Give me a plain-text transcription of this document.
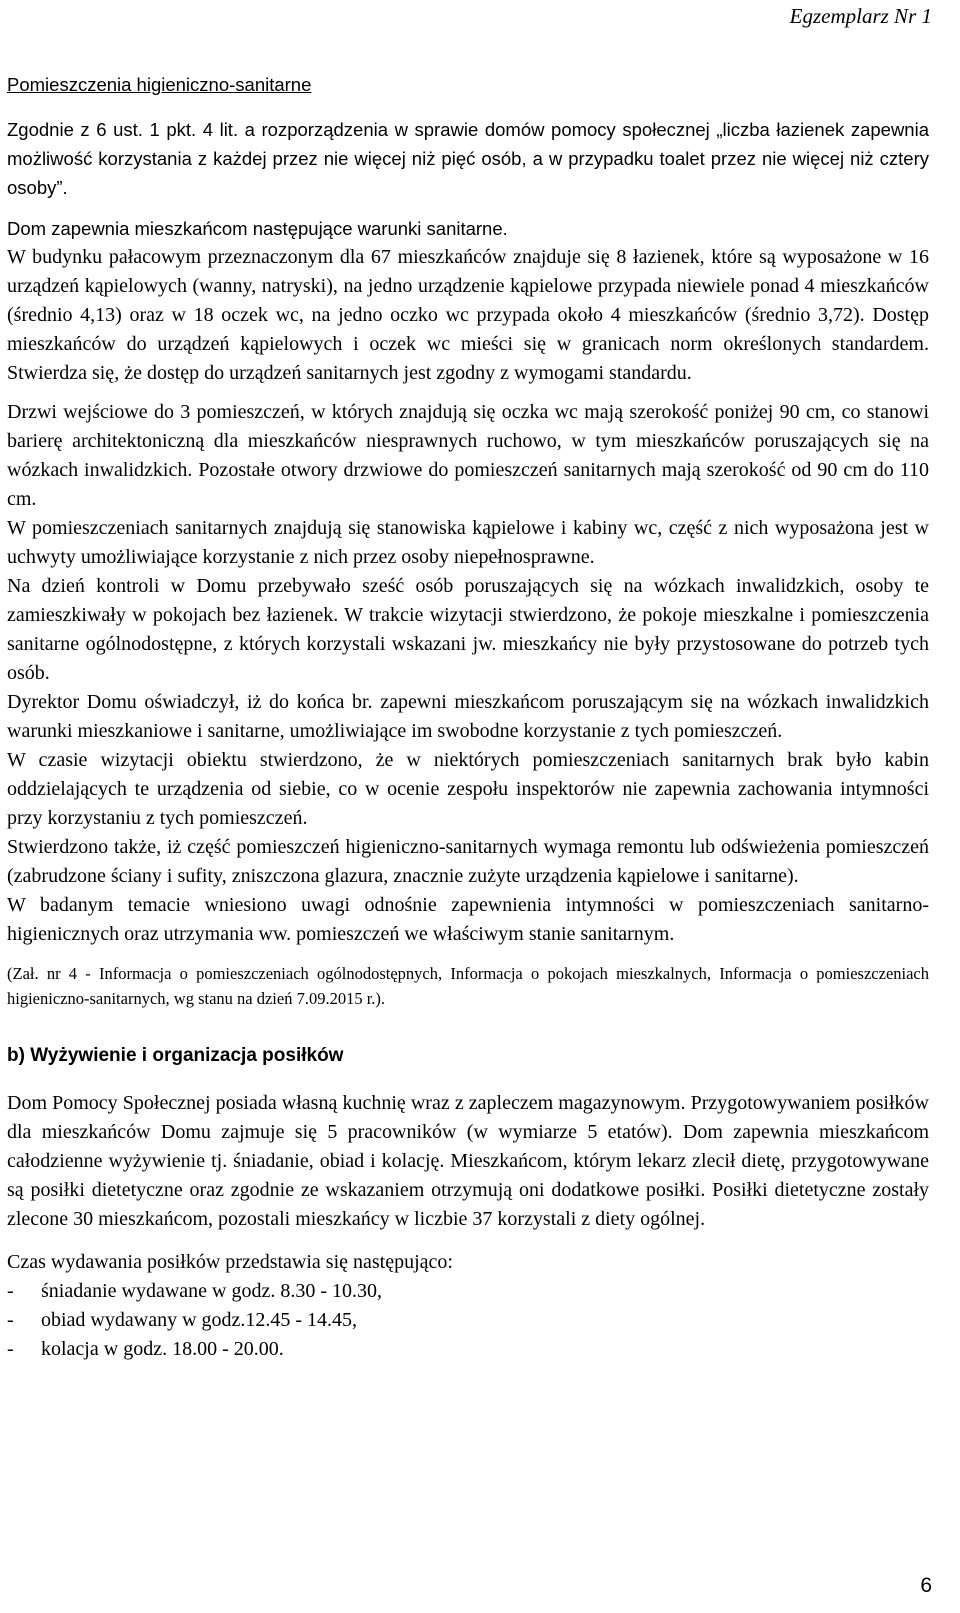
Egzemplarz Nr 1
Pomieszczenia higieniczno-sanitarne

Zgodnie z 6 ust. 1 pkt. 4 lit. a rozporządzenia w sprawie domów pomocy społecznej „liczba łazienek zapewnia możliwość korzystania z każdej przez nie więcej niż pięć osób, a w przypadku toalet przez nie więcej niż cztery osoby”.

Dom zapewnia mieszkańcom następujące warunki sanitarne.

W budynku pałacowym przeznaczonym dla 67 mieszkańców znajduje się 8 łazienek, które są wyposażone w 16 urządzeń kąpielowych (wanny, natryski), na jedno urządzenie kąpielowe przypada niewiele ponad 4 mieszkańców (średnio 4,13) oraz w 18 oczek wc, na jedno oczko wc przypada około 4 mieszkańców (średnio 3,72). Dostęp mieszkańców do urządzeń kąpielowych i oczek wc mieści się w granicach norm określonych standardem. Stwierdza się, że dostęp do urządzeń sanitarnych jest zgodny z wymogami standardu.

Drzwi wejściowe do 3 pomieszczeń, w których znajdują się oczka wc mają szerokość poniżej 90 cm, co stanowi barierę architektoniczną dla mieszkańców niesprawnych ruchowo, w tym mieszkańców poruszających się na wózkach inwalidzkich. Pozostałe otwory drzwiowe do pomieszczeń sanitarnych mają szerokość od 90 cm do 110 cm.

W pomieszczeniach sanitarnych znajdują się stanowiska kąpielowe i kabiny wc, część z nich wyposażona jest w uchwyty umożliwiające korzystanie z nich przez osoby niepełnosprawne.

Na dzień kontroli w Domu przebywało sześć osób poruszających się na wózkach inwalidzkich, osoby te zamieszkiwały w pokojach bez łazienek. W trakcie wizytacji stwierdzono, że pokoje mieszkalne i pomieszczenia sanitarne ogólnodostępne, z których korzystali wskazani jw. mieszkańcy nie były przystosowane do potrzeb tych osób.

Dyrektor Domu oświadczył, iż do końca br. zapewni mieszkańcom poruszającym się na wózkach inwalidzkich warunki mieszkaniowe i sanitarne, umożliwiające im swobodne korzystanie z tych pomieszczeń.

W czasie wizytacji obiektu stwierdzono, że w niektórych pomieszczeniach sanitarnych brak było kabin oddzielających te urządzenia od siebie, co w ocenie zespołu inspektorów nie zapewnia zachowania intymności przy korzystaniu z tych pomieszczeń.

Stwierdzono także, iż część pomieszczeń higieniczno-sanitarnych wymaga remontu lub odświeżenia pomieszczeń (zabrudzone ściany i sufity, zniszczona glazura, znacznie zużyte urządzenia kąpielowe i sanitarne).

W badanym temacie wniesiono uwagi odnośnie zapewnienia intymności w pomieszczeniach sanitarno-higienicznych oraz utrzymania ww. pomieszczeń we właściwym stanie sanitarnym.

(Zał. nr 4 - Informacja o pomieszczeniach ogólnodostępnych, Informacja o pokojach mieszkalnych, Informacja o pomieszczeniach higieniczno-sanitarnych, wg stanu na dzień 7.09.2015 r.).

b) Wyżywienie i organizacja posiłków

Dom Pomocy Społecznej posiada własną kuchnię wraz z zapleczem magazynowym. Przygotowywaniem posiłków dla mieszkańców Domu zajmuje się 5 pracowników (w wymiarze 5 etatów). Dom zapewnia mieszkańcom całodzienne wyżywienie tj. śniadanie, obiad i kolację. Mieszkańcom, którym lekarz zlecił dietę, przygotowywane są posiłki dietetyczne oraz zgodnie ze wskazaniem otrzymują oni dodatkowe posiłki. Posiłki dietetyczne zostały zlecone 30 mieszkańcom, pozostali mieszkańcy w liczbie 37 korzystali z diety ogólnej.

Czas wydawania posiłków przedstawia się następująco:
-	śniadanie wydawane w godz. 8.30 - 10.30,
-	obiad wydawany w godz.12.45 - 14.45,
-	kolacja w godz. 18.00 - 20.00.
6
